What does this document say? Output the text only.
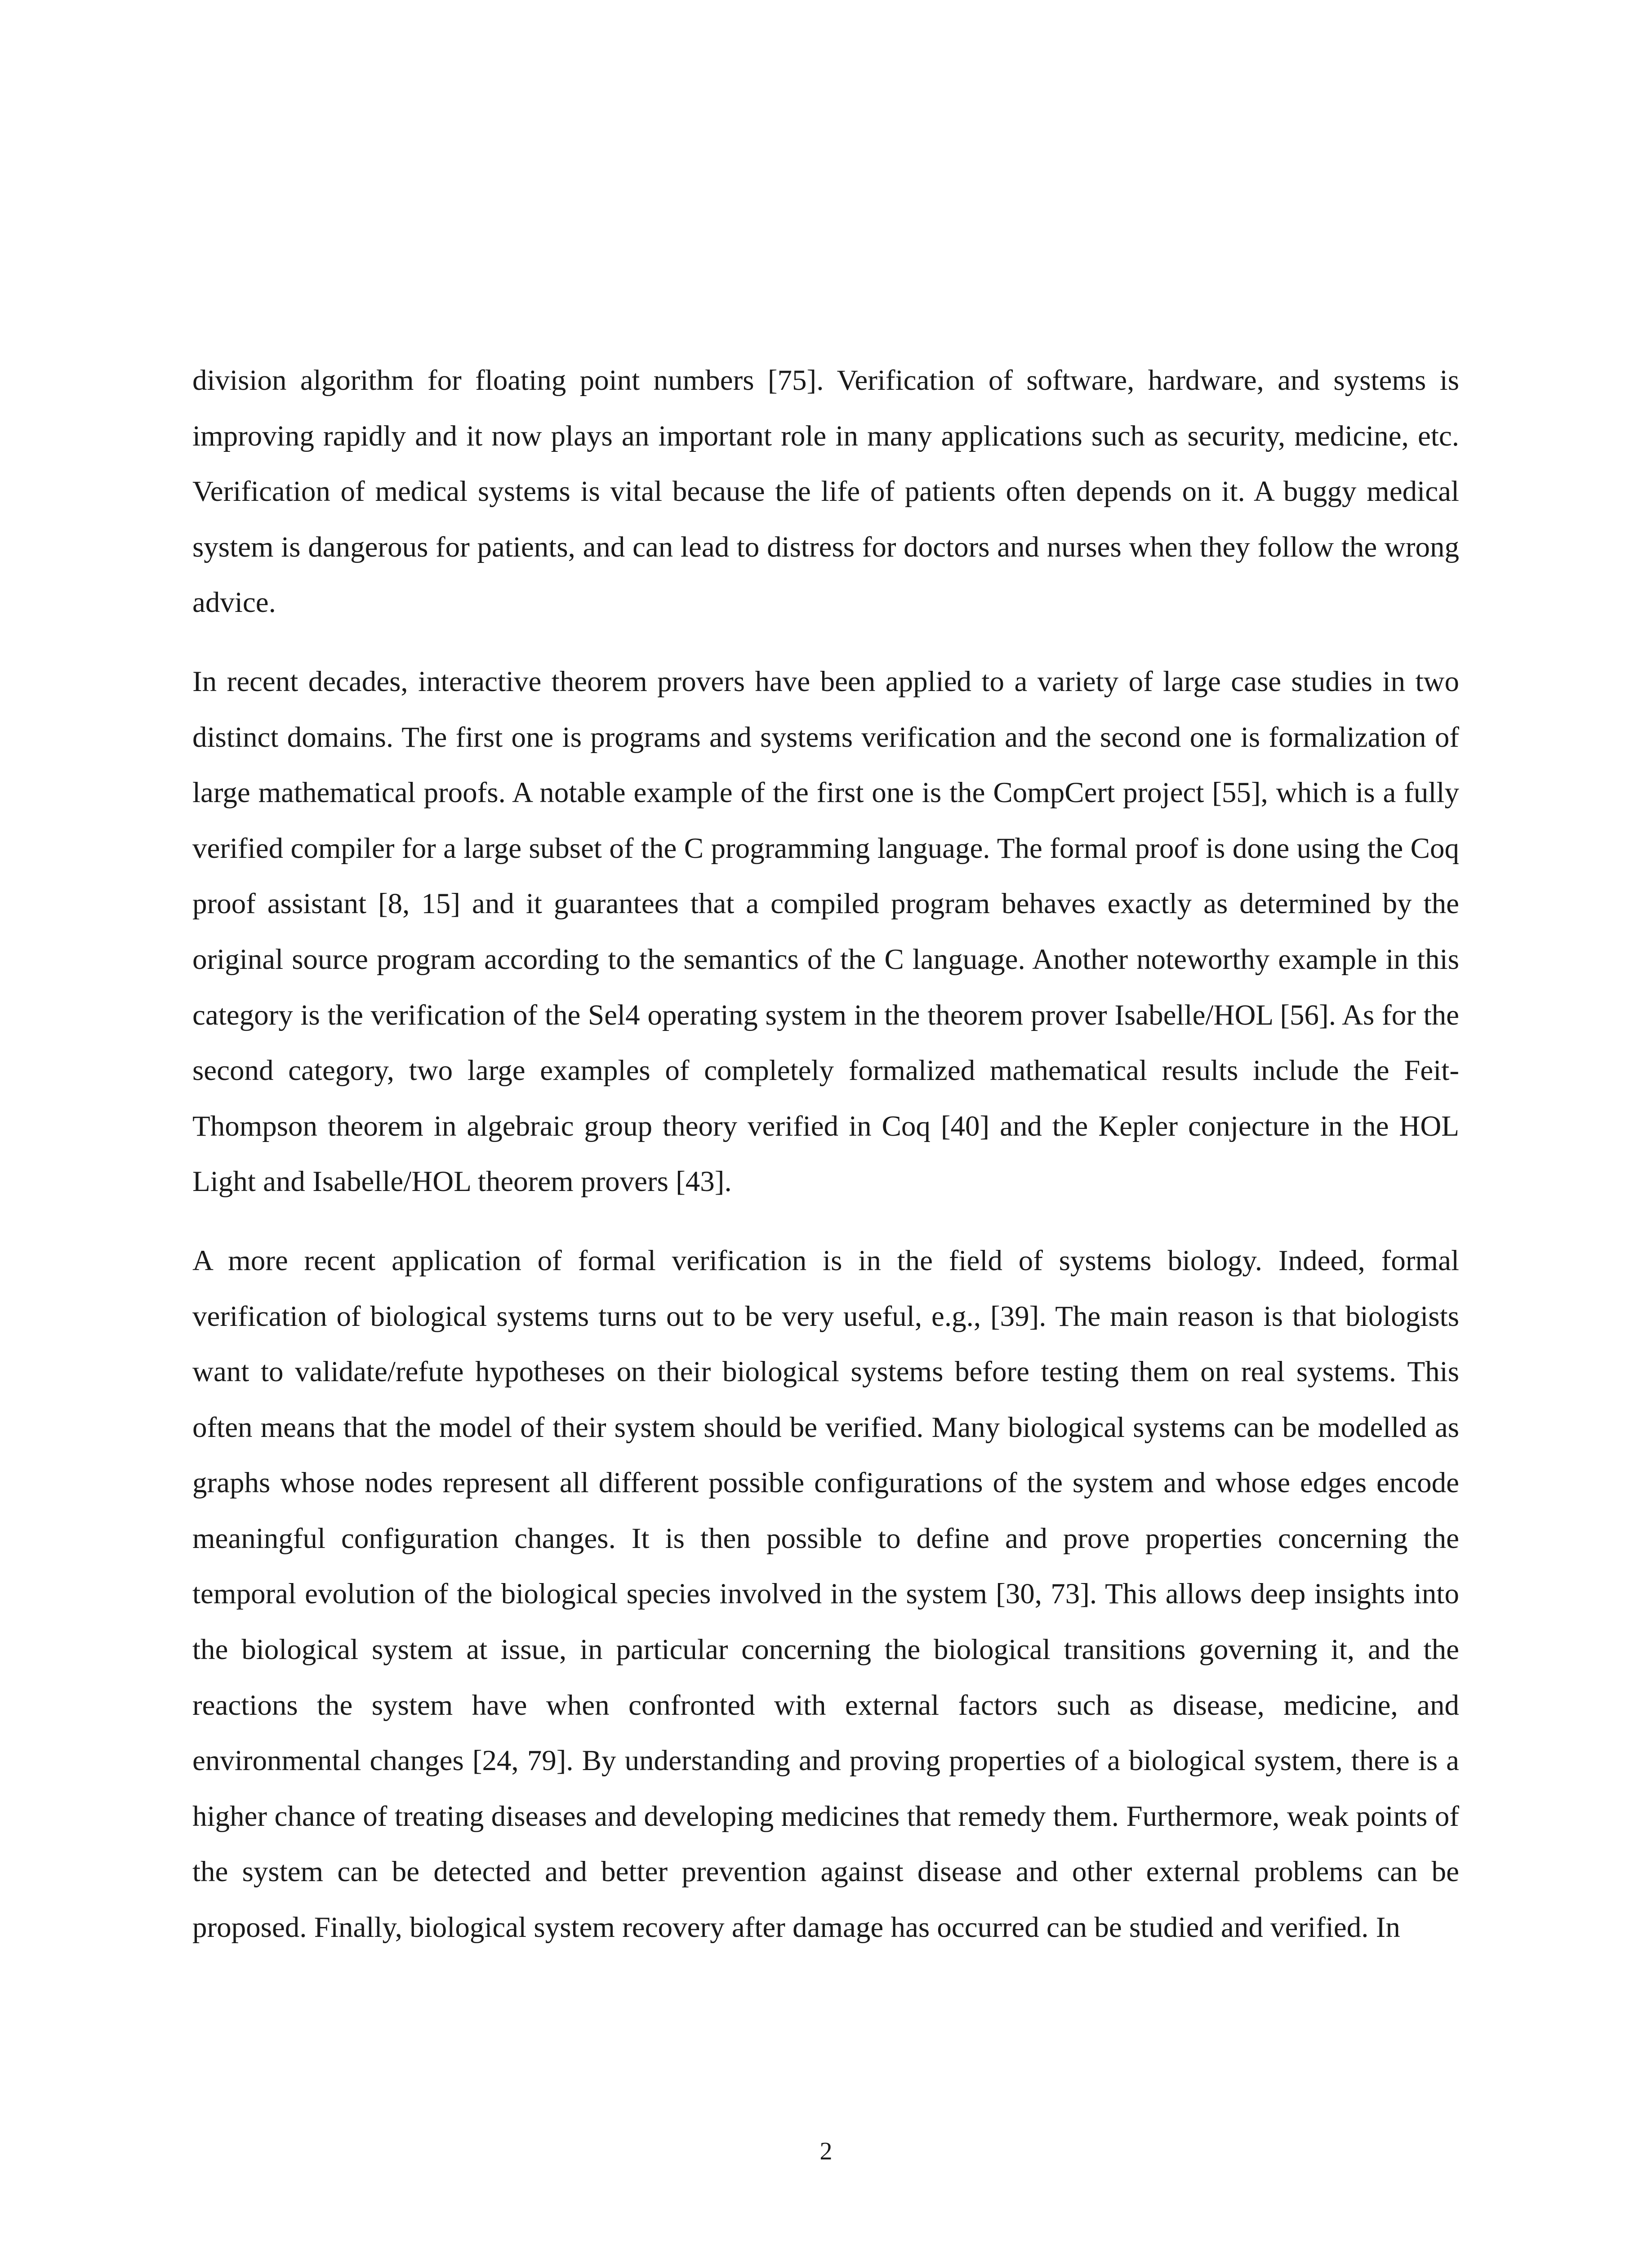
division algorithm for floating point numbers [75]. Verification of software, hardware, and systems is improving rapidly and it now plays an important role in many applications such as security, medicine, etc. Verification of medical systems is vital because the life of patients often depends on it. A buggy medical system is dangerous for patients, and can lead to distress for doctors and nurses when they follow the wrong advice.

In recent decades, interactive theorem provers have been applied to a variety of large case studies in two distinct domains. The first one is programs and systems verification and the second one is formalization of large mathematical proofs. A notable example of the first one is the CompCert project [55], which is a fully verified compiler for a large subset of the C programming language. The formal proof is done using the Coq proof assistant [8, 15] and it guarantees that a compiled program behaves exactly as determined by the original source program according to the semantics of the C language. Another noteworthy example in this category is the verification of the Sel4 operating system in the theorem prover Isabelle/HOL [56]. As for the second category, two large examples of completely formalized mathematical results include the Feit-Thompson theorem in algebraic group theory verified in Coq [40] and the Kepler conjecture in the HOL Light and Isabelle/HOL theorem provers [43].

A more recent application of formal verification is in the field of systems biology. Indeed, formal verification of biological systems turns out to be very useful, e.g., [39]. The main reason is that biologists want to validate/refute hypotheses on their biological systems before testing them on real systems. This often means that the model of their system should be verified. Many biological systems can be modelled as graphs whose nodes represent all different possible configurations of the system and whose edges encode meaningful configuration changes. It is then possible to define and prove properties concerning the temporal evolution of the biological species involved in the system [30, 73]. This allows deep insights into the biological system at issue, in particular concerning the biological transitions governing it, and the reactions the system have when confronted with external factors such as disease, medicine, and environmental changes [24, 79]. By understanding and proving properties of a biological system, there is a higher chance of treating diseases and developing medicines that remedy them. Furthermore, weak points of the system can be detected and better prevention against disease and other external problems can be proposed. Finally, biological system recovery after damage has occurred can be studied and verified. In

2
